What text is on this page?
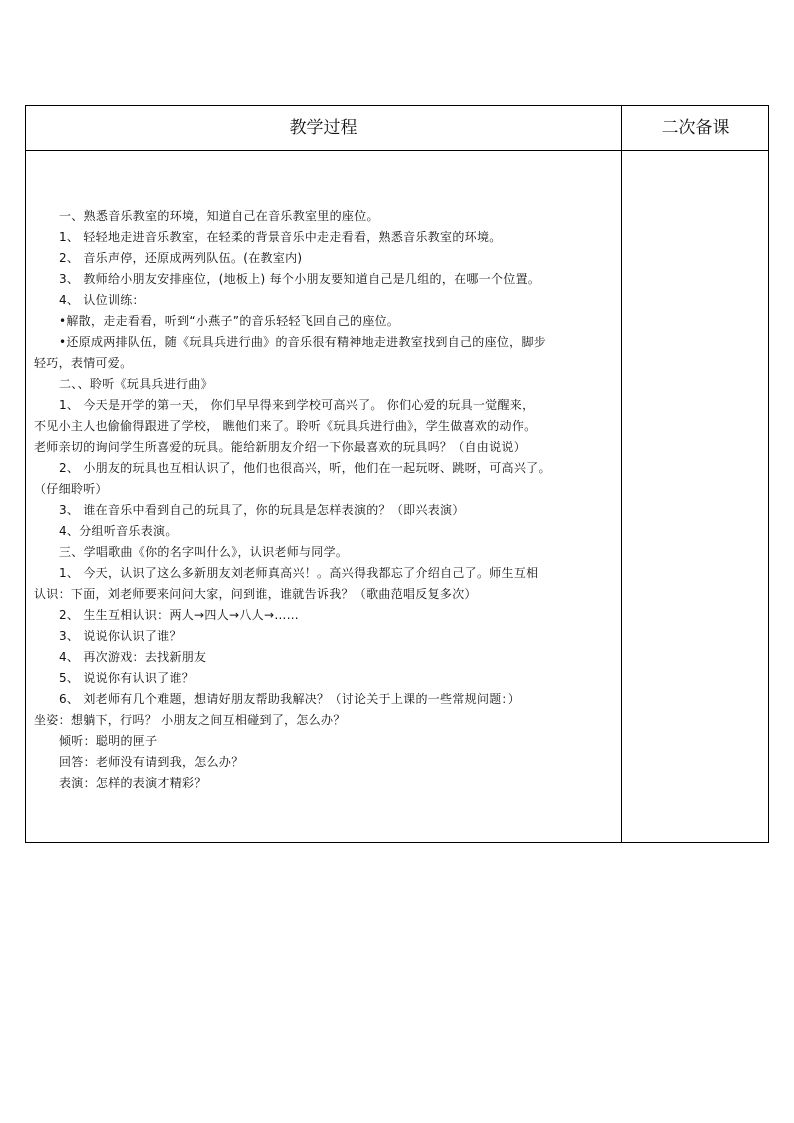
教学过程	二次备课
一、熟悉音乐教室的环境，知道自己在音乐教室里的座位。
1、 轻轻地走进音乐教室，在轻柔的背景音乐中走走看看，熟悉音乐教室的环境。
2、 音乐声停，还原成两列队伍。(在教室内)
3、 教师给小朋友安排座位，(地板上) 每个小朋友要知道自己是几组的，在哪一个位置。
4、 认位训练：
•解散，走走看看，听到“小燕子”的音乐轻轻飞回自己的座位。
•还原成两排队伍，随《玩具兵进行曲》的音乐很有精神地走进教室找到自己的座位，脚步
轻巧，表情可爱。
二、、聆听《玩具兵进行曲》
1、 今天是开学的第一天， 你们早早得来到学校可高兴了。 你们心爱的玩具一觉醒来，
不见小主人也偷偷得跟进了学校， 瞧他们来了。聆听《玩具兵进行曲》，学生做喜欢的动作。
老师亲切的询问学生所喜爱的玩具。能给新朋友介绍一下你最喜欢的玩具吗？（自由说说）
2、 小朋友的玩具也互相认识了，他们也很高兴，听，他们在一起玩呀、跳呀，可高兴了。
（仔细聆听）
3、 谁在音乐中看到自己的玩具了，你的玩具是怎样表演的？（即兴表演）
4、分组听音乐表演。
三、学唱歌曲《你的名字叫什么》，认识老师与同学。
1、 今天，认识了这么多新朋友刘老师真高兴！。高兴得我都忘了介绍自己了。师生互相
认识：下面，刘老师要来问问大家，问到谁，谁就告诉我？（歌曲范唱反复多次）
2、 生生互相认识：两人→四人→八人→……
3、 说说你认识了谁？
4、 再次游戏：去找新朋友
5、 说说你有认识了谁？
6、 刘老师有几个难题，想请好朋友帮助我解决？（讨论关于上课的一些常规问题：）
坐姿：想躺下，行吗？ 小朋友之间互相碰到了，怎么办？
倾听：聪明的匣子
回答：老师没有请到我，怎么办？
表演：怎样的表演才精彩？
